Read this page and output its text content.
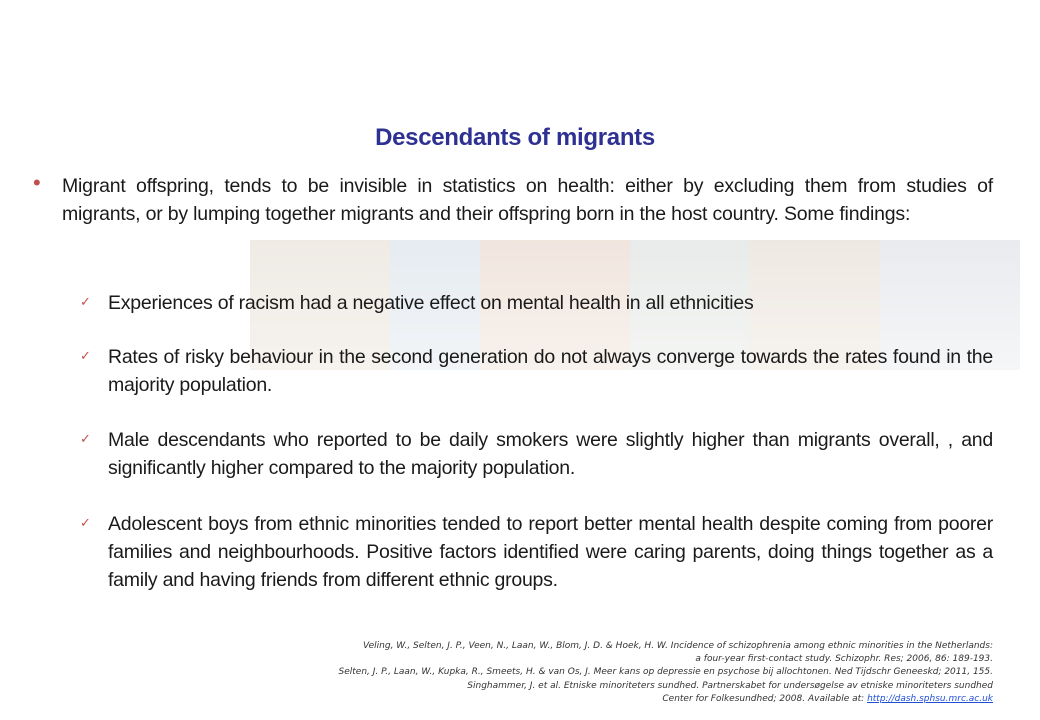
Descendants of migrants
• Migrant offspring, tends to be invisible in statistics on health: either by excluding them from studies of migrants, or by lumping together migrants and their offspring born in the host country. Some findings:
✓ Experiences of racism had a negative effect on mental health in all ethnicities
✓ Rates of risky behaviour in the second generation do not always converge towards the rates found in the majority population.
✓ Male descendants who reported to be daily smokers were slightly higher than migrants overall, , and significantly higher compared to the majority population.
✓ Adolescent boys from ethnic minorities tended to report better mental health despite coming from poorer families and neighbourhoods. Positive factors identified were caring parents, doing things together as a family and having friends from different ethnic groups.
Veling, W., Selten, J. P., Veen, N., Laan, W., Blom, J. D. & Hoek, H. W. Incidence of schizophrenia among ethnic minorities in the Netherlands:
a four-year first-contact study. Schizophr. Res; 2006, 86: 189-193.
Selten, J. P., Laan, W., Kupka, R., Smeets, H. & van Os, J. Meer kans op depressie en psychose bij allochtonen. Ned Tijdschr Geneeskd; 2011, 155.
Singhammer, J. et al. Etniske minoriteters sundhed. Partnerskabet for undersøgelse av etniske minoriteters sundhed
Center for Folkesundhed; 2008. Available at: http://dash.sphsu.mrc.ac.uk
